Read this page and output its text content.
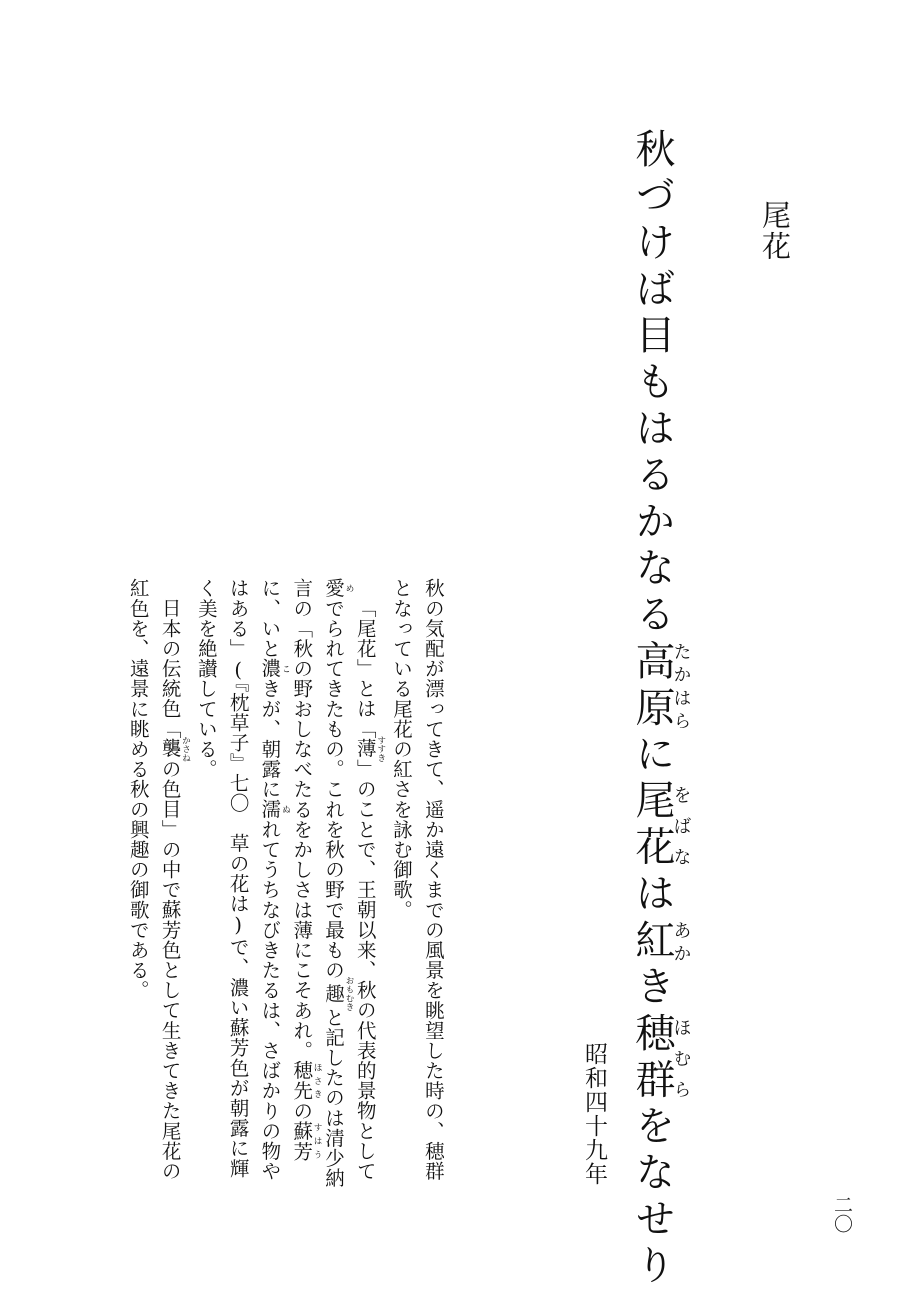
尾花
秋づけば目もはるかなる高原たかはらに尾花をばなは紅あかき穂群ほむらをなせり
昭和四十九年

秋の気配が漂ってきて、遥か遠くまでの風景を眺望した時の、穂群となっている尾花の紅さを詠む御歌。

「尾花」とは「薄すすき」のことで、王朝以来、秋の代表的景物として愛めでられてきたもの。これを秋の野で最もの趣おもむきと記したのは清少納言の「秋の野おしなべたるをかしさは薄にこそあれ。穂先ほさきの蘇芳すはうに、いと濃こきが、朝露に濡ぬれてうちなびきたるは、さばかりの物やはある」(『枕草子』七〇　草の花は)で、濃い蘇芳色が朝露に輝く美を絶讃している。

日本の伝統色「襲かさねの色目」の中で蘇芳色として生きてきた尾花の紅色を、遠景に眺める秋の興趣の御歌である。

二〇
